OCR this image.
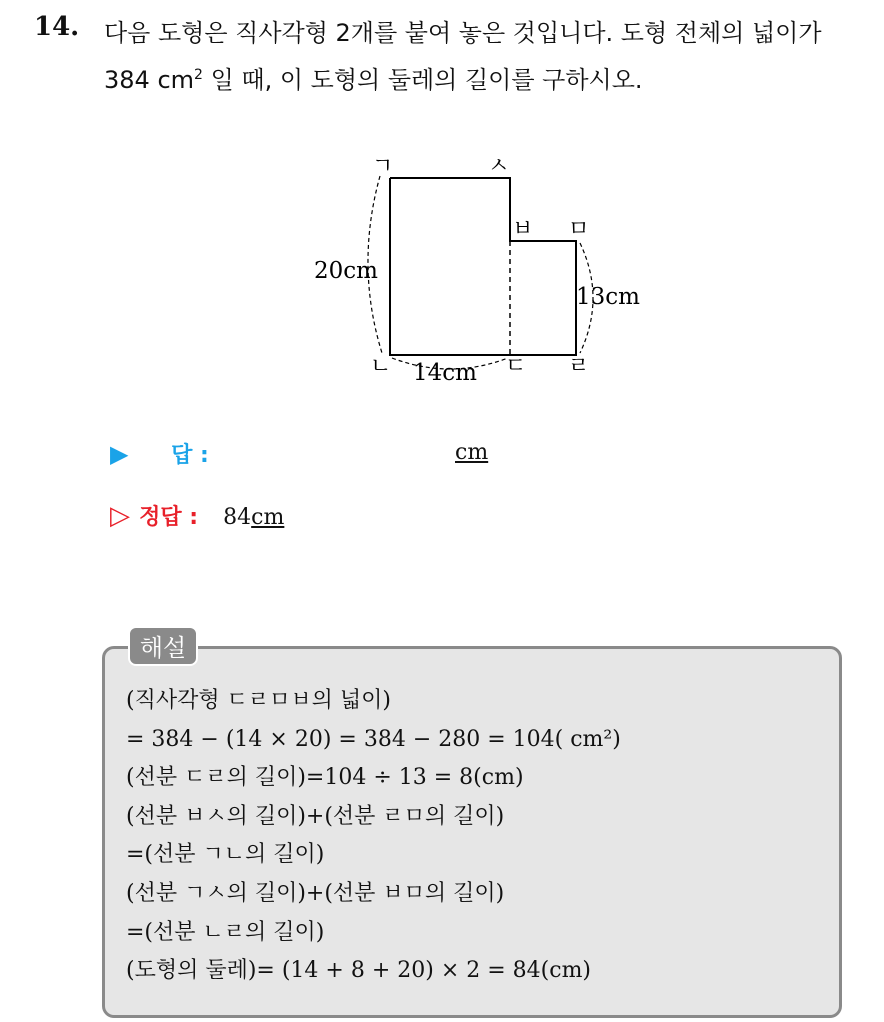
14. 다음 도형은 직사각형 2개를 붙여 놓은 것입니다. 도형 전체의 넓이가
384 $cm^2$ 일 때, 이 도형의 둘레의 길이를 구하시오.
ㄱ	ㅅ
ㅂ ㅁ
ㄴ	ㄷ ㄹ
20cm
14cm
13cm
▶ 답 :	cm
▷ 정답 : 84cm
해설
(직사각형 ㄷㄹㅁㅂ의 넓이)
= 384 − (14 × 20) = 384 − 280 = 104( cm²)
(선분 ㄷㄹ의 길이)=104 ÷ 13 = 8(cm)
(선분 ㅂㅅ의 길이)+(선분 ㄹㅁ의 길이)
=(선분 ㄱㄴ의 길이)
(선분 ㄱㅅ의 길이)+(선분 ㅂㅁ의 길이)
=(선분 ㄴㄹ의 길이)
(도형의 둘레)= (14 + 8 + 20) × 2 = 84(cm)
